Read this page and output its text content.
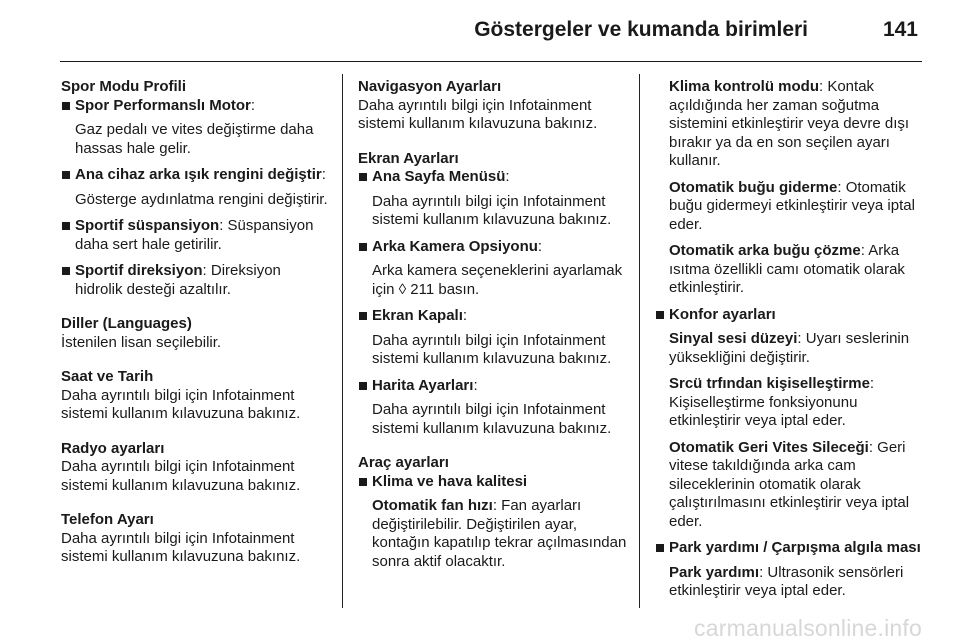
Göstergeler ve kumanda birimleri	141
Spor Modu Profili
Spor Performanslı Motor:
Gaz pedalı ve vites değiştirme daha hassas hale gelir.
Ana cihaz arka ışık rengini değiştir:
Gösterge aydınlatma rengini değiştirir.
Sportif süspansiyon: Süspansiyon daha sert hale getirilir.
Sportif direksiyon: Direksiyon hidrolik desteği azaltılır.
Diller (Languages)
İstenilen lisan seçilebilir.
Saat ve Tarih
Daha ayrıntılı bilgi için Infotainment sistemi kullanım kılavuzuna bakınız.
Radyo ayarları
Daha ayrıntılı bilgi için Infotainment sistemi kullanım kılavuzuna bakınız.
Telefon Ayarı
Daha ayrıntılı bilgi için Infotainment sistemi kullanım kılavuzuna bakınız.
Navigasyon Ayarları
Daha ayrıntılı bilgi için Infotainment sistemi kullanım kılavuzuna bakınız.
Ekran Ayarları
Ana Sayfa Menüsü:
Daha ayrıntılı bilgi için Infotainment sistemi kullanım kılavuzuna bakınız.
Arka Kamera Opsiyonu:
Arka kamera seçeneklerini ayarlamak için ◊ 211 basın.
Ekran Kapalı:
Daha ayrıntılı bilgi için Infotainment sistemi kullanım kılavuzuna bakınız.
Harita Ayarları:
Daha ayrıntılı bilgi için Infotainment sistemi kullanım kılavuzuna bakınız.
Araç ayarları
Klima ve hava kalitesi
Otomatik fan hızı: Fan ayarları değiştirilebilir. Değiştirilen ayar, kontağın kapatılıp tekrar açılmasından sonra aktif olacaktır.
Klima kontrolü modu: Kontak açıldığında her zaman soğutma sistemini etkinleştirir veya devre dışı bırakır ya da en son seçilen ayarı kullanır.
Otomatik buğu giderme: Otomatik buğu gidermeyi etkinleştirir veya iptal eder.
Otomatik arka buğu çözme: Arka ısıtma özellikli camı otomatik olarak etkinleştirir.
Konfor ayarları
Sinyal sesi düzeyi: Uyarı seslerinin yüksekliğini değiştirir.
Srcü trfından kişiselleştirme: Kişiselleştirme fonksiyonunu etkinleştirir veya iptal eder.
Otomatik Geri Vites Sileceği: Geri vitese takıldığında arka cam sileceklerinin otomatik olarak çalıştırılmasını etkinleştirir veya iptal eder.
Park yardımı / Çarpışma algıla ması
Park yardımı: Ultrasonik sensörleri etkinleştirir veya iptal eder.
carmanualsonline.info
